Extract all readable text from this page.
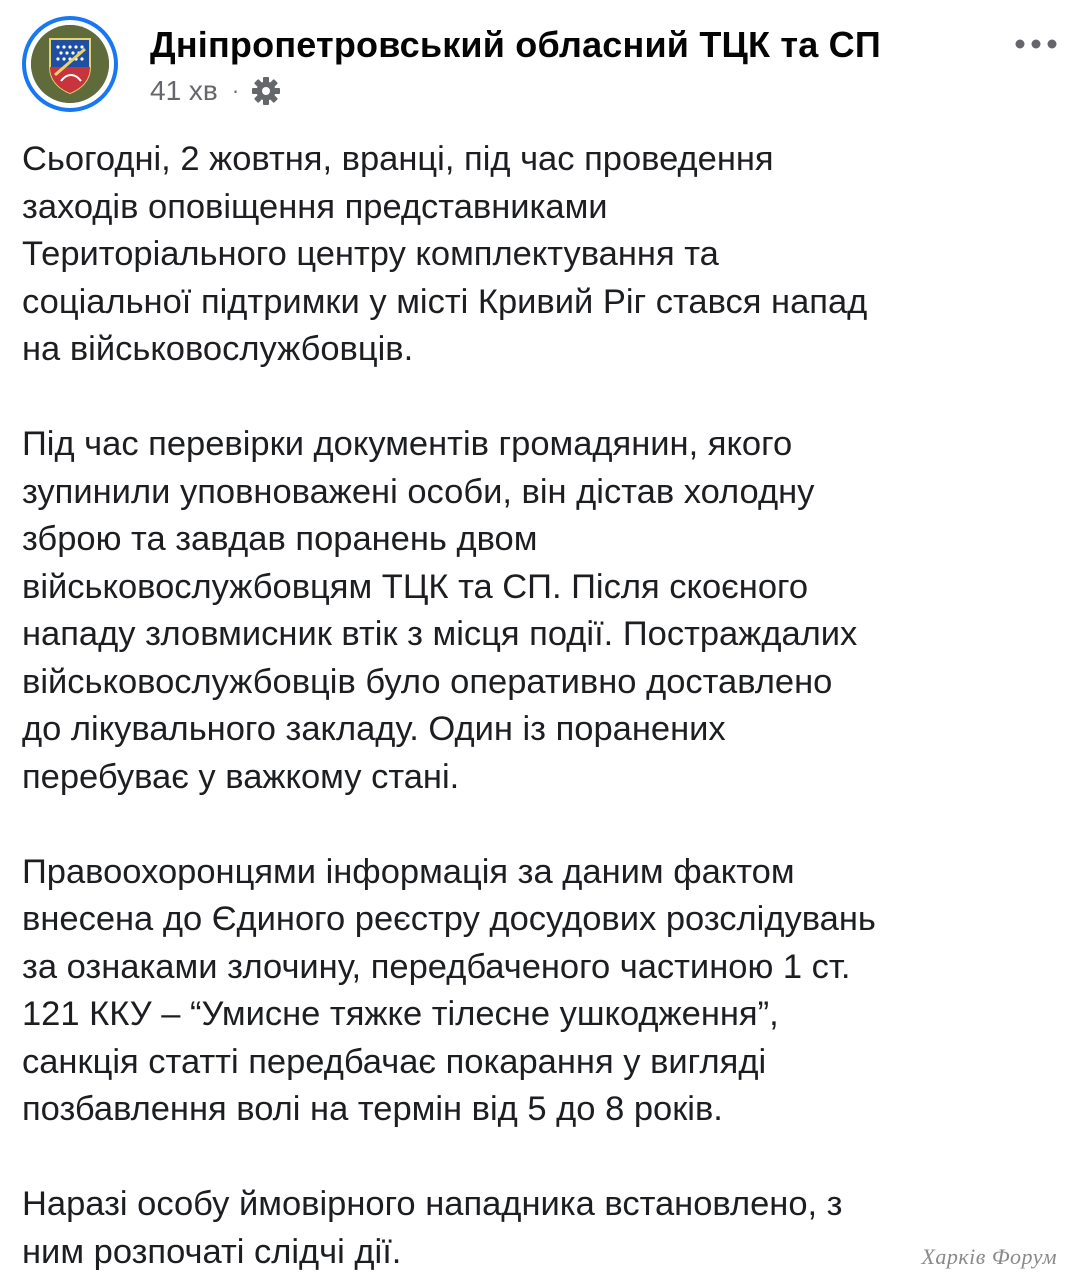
Дніпропетровський обласний ТЦК та СП
41 хв ·

Сьогодні, 2 жовтня, вранці, під час проведення
заходів оповіщення представниками
Територіального центру комплектування та
соціальної підтримки у місті Кривий Ріг стався напад
на військовослужбовців.

Під час перевірки документів громадянин, якого
зупинили уповноважені особи, він дістав холодну
зброю та завдав поранень двом
військовослужбовцям ТЦК та СП. Після скоєного
нападу зловмисник втік з місця події. Постраждалих
військовослужбовців було оперативно доставлено
до лікувального закладу. Один із поранених
перебуває у важкому стані.

Правоохоронцями інформація за даним фактом
внесена до Єдиного реєстру досудових розслідувань
за ознаками злочину, передбаченого частиною 1 ст.
121 ККУ – “Умисне тяжке тілесне ушкодження”,
санкція статті передбачає покарання у вигляді
позбавлення волі на термін від 5 до 8 років.

Наразі особу ймовірного нападника встановлено, з
ним розпочаті слідчі дії.	Харків Форум
